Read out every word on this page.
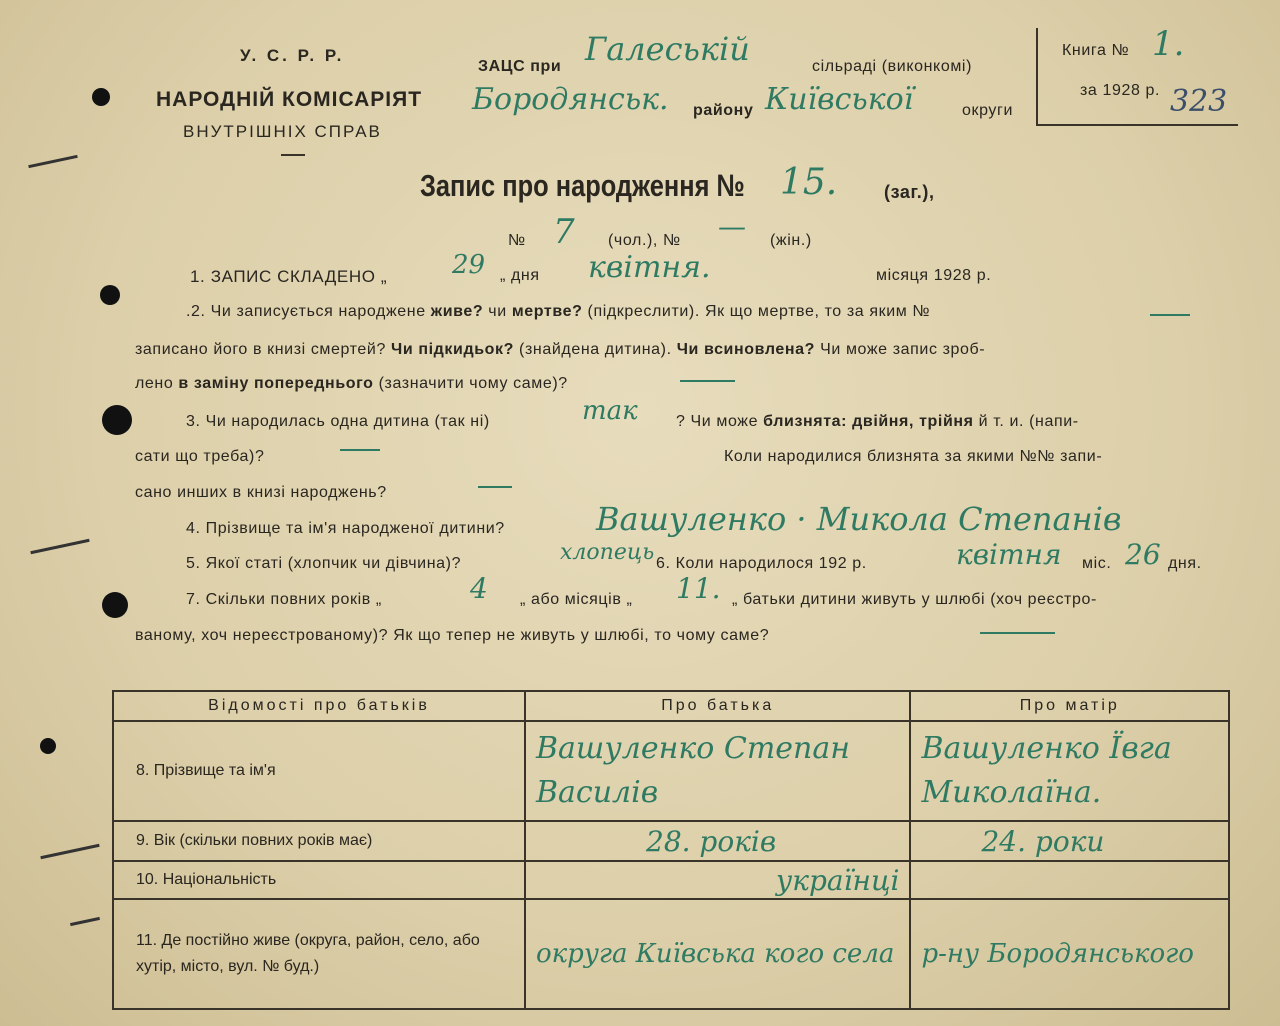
У. С. Р. Р.
НАРОДНІЙ КОМІСАРІЯТ
ВНУТРІШНІХ СПРАВ
ЗАЦС при Галеській	сільраді (виконкомі)
Бородянськ. району Київської	округи
Книга № 1.
за 1928 р. 323
Запис про народження № 15.	(заг.),
№ 7 (чол.), № — (жін.)
1. ЗАПИС СКЛАДЕНО „ 29 „ дня квітня.	місяця 1928 р.
.2. Чи записується народжене живе? чи мертве? (підкреслити). Як що мертве, то за яким №
записано його в книзі смертей? Чи підкидьок? (знайдена дитина). Чи всиновлена? Чи може запис зроб-
лено в заміну попереднього (зазначити чому саме)?
3. Чи народилась одна дитина (так ні)	так ? Чи може близнята: двійня, трійня й т. и. (напи-
сати що треба)?	Коли народилися близнята за якими №№ запи-
сано инших в книзі народжень?
4. Прізвище та ім'я народженої дитини?	Вашуленко · Микола Степанів
5. Якої статі (хлопчик чи дівчина)?	хлопець 6. Коли народилося 192 р.	квітня міс. 26 дня.
7. Скільки повних років „	4 „ або місяців „ 11. „ батьки дитини живуть у шлюбі (хоч реєстро-
ваному, хоч нереєстрованому)? Як що тепер не живуть у шлюбі, то чому саме?
Відомості про батьків	Про батька	Про матір
8. Прізвище та ім'я	Вашуленко Степан Василів	Вашуленко Ївга Миколаїна.

9. Вік (скільки повних років має)	28. років	24. роки

10. Національність	українці	

11. Де постійно живе (округа, район, село, або хутір, місто, вул. № буд.)	округа Київська кого села	р-ну Бородянського
